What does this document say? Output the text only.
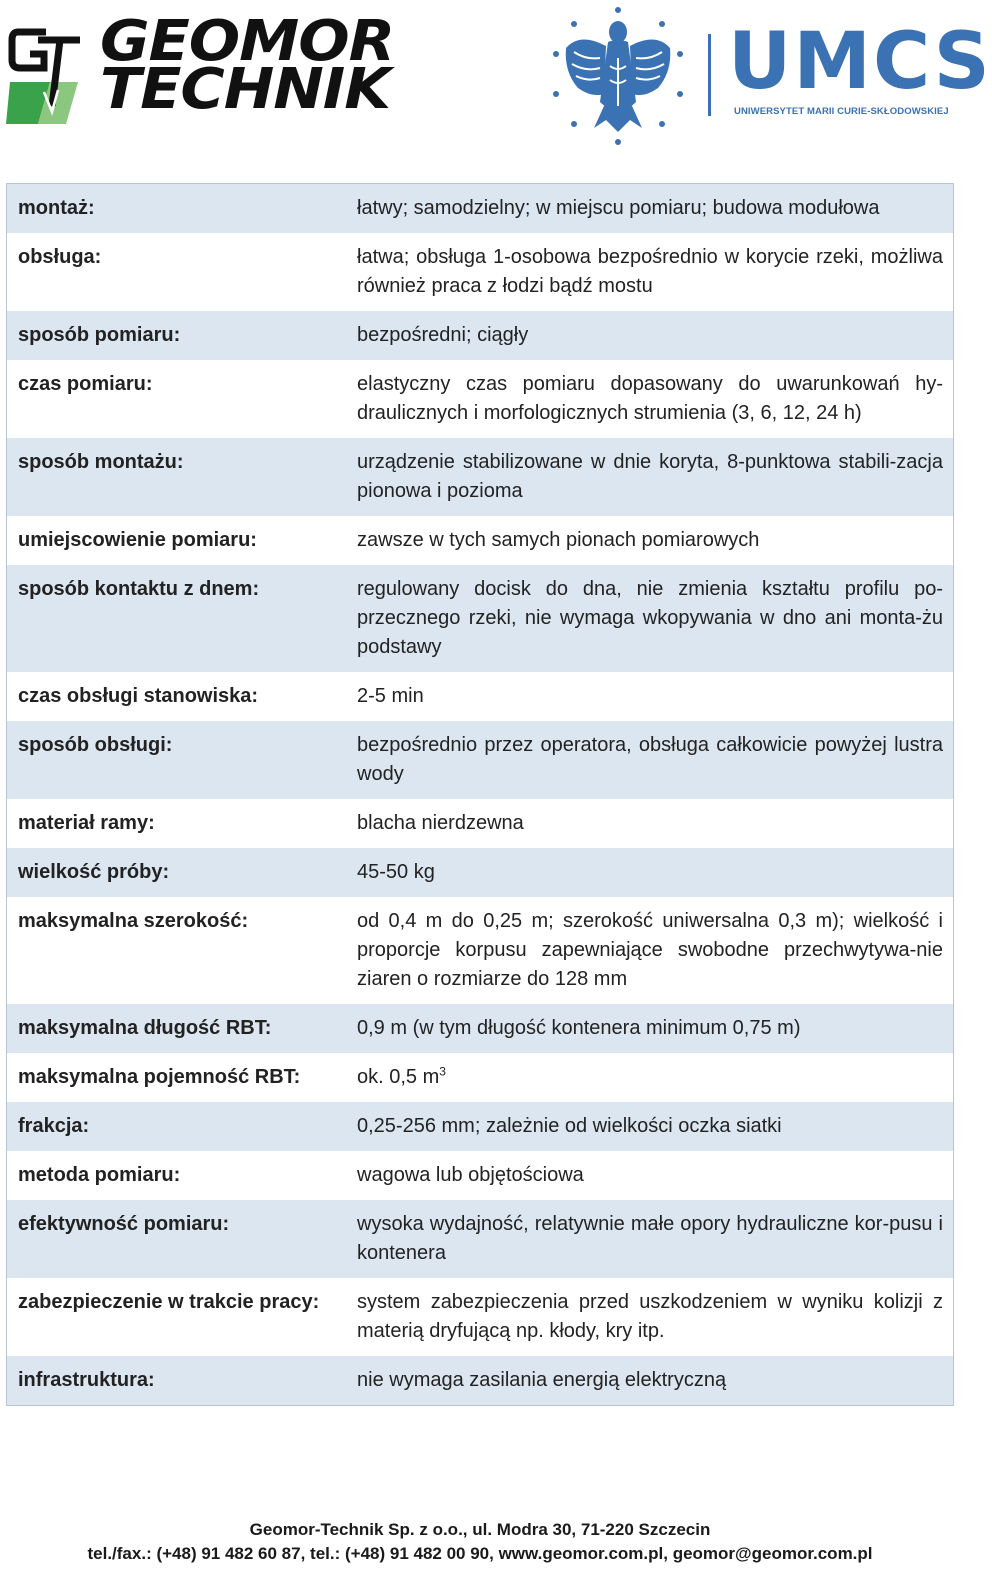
GEOMOR
TECHNIK	UMCS
UNIWERSYTET MARII CURIE-SKŁODOWSKIEJ
montaż:	łatwy; samodzielny; w miejscu pomiaru; budowa modułowa
obsługa:	łatwa; obsługa 1-osobowa bezpośrednio w korycie rzeki, możliwa również praca z łodzi bądź mostu
sposób pomiaru:	bezpośredni; ciągły
czas pomiaru:	elastyczny czas pomiaru dopasowany do uwarunkowań hy-draulicznych i morfologicznych strumienia (3, 6, 12, 24 h)
sposób montażu:	urządzenie stabilizowane w dnie koryta, 8-punktowa stabili-zacja pionowa i pozioma
umiejscowienie pomiaru:	zawsze w tych samych pionach pomiarowych
sposób kontaktu z dnem:	regulowany docisk do dna, nie zmienia kształtu profilu po-przecznego rzeki, nie wymaga wkopywania w dno ani monta-żu podstawy
czas obsługi stanowiska:	2-5 min
sposób obsługi:	bezpośrednio przez operatora, obsługa całkowicie powyżej lustra wody
materiał ramy:	blacha nierdzewna
wielkość próby:	45-50 kg
maksymalna szerokość:	od 0,4 m do 0,25 m; szerokość uniwersalna 0,3 m); wielkość i proporcje korpusu zapewniające swobodne przechwytywa-nie ziaren o rozmiarze do 128 mm
maksymalna długość RBT:	0,9 m (w tym długość kontenera minimum 0,75 m)
maksymalna pojemność RBT:	ok. 0,5 $m^3$
frakcja:	0,25-256 mm; zależnie od wielkości oczka siatki
metoda pomiaru:	wagowa lub objętościowa
efektywność pomiaru:	wysoka wydajność, relatywnie małe opory hydrauliczne kor-pusu i kontenera
zabezpieczenie w trakcie pracy:	system zabezpieczenia przed uszkodzeniem w wyniku kolizji z materią dryfującą np. kłody, kry itp.
infrastruktura:	nie wymaga zasilania energią elektryczną
Geomor-Technik Sp. z o.o., ul. Modra 30, 71-220 Szczecin
tel./fax.: (+48) 91 482 60 87, tel.: (+48) 91 482 00 90, www.geomor.com.pl, geomor@geomor.com.pl
